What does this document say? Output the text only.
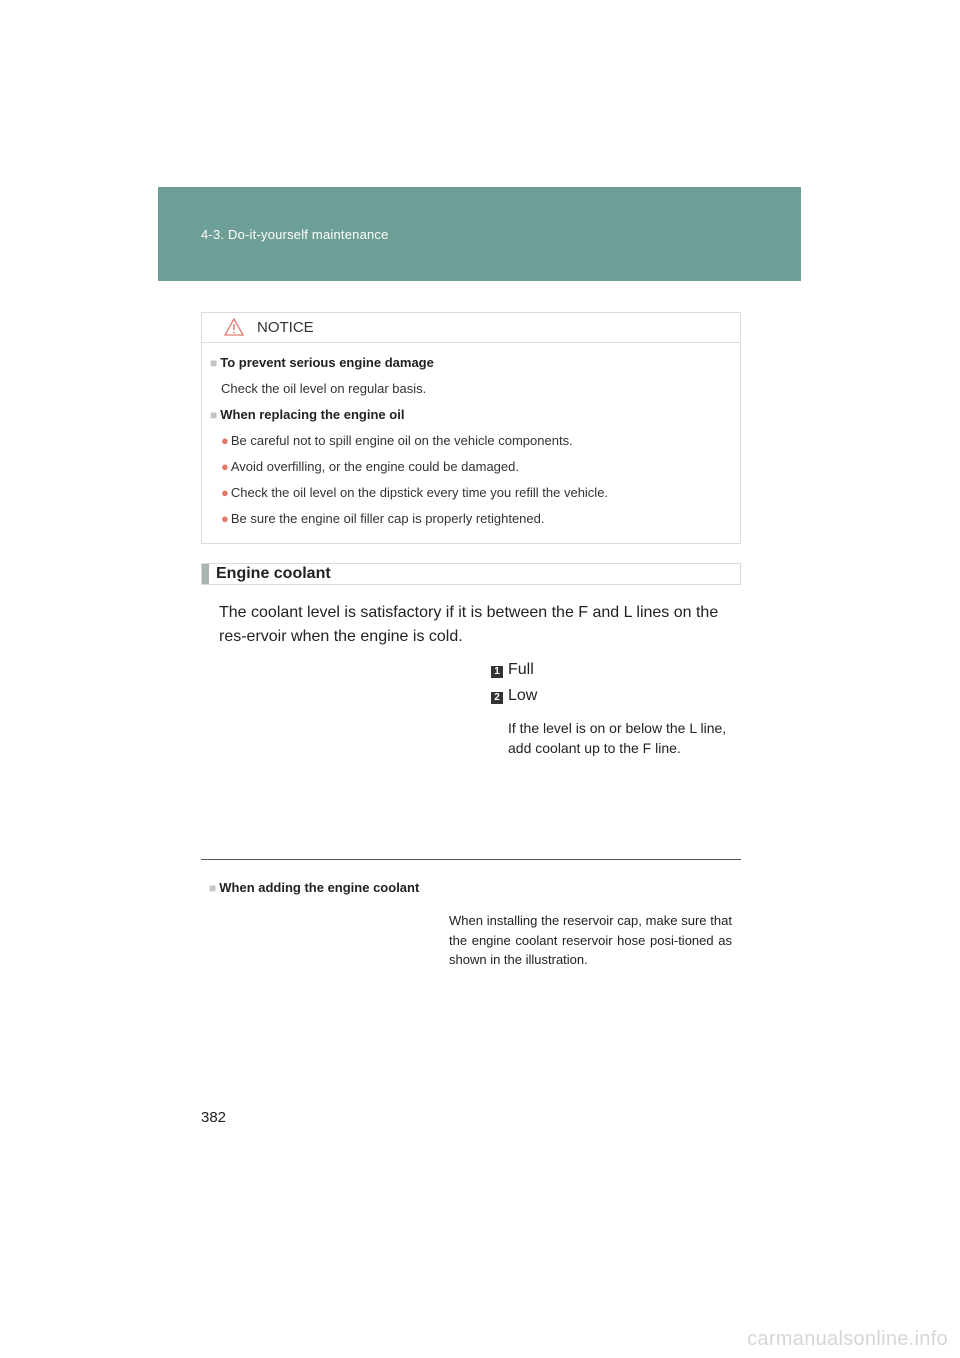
4-3. Do-it-yourself maintenance
NOTICE
■ To prevent serious engine damage
Check the oil level on regular basis.
■ When replacing the engine oil
● Be careful not to spill engine oil on the vehicle components.
● Avoid overfilling, or the engine could be damaged.
● Check the oil level on the dipstick every time you refill the vehicle.
● Be sure the engine oil filler cap is properly retightened.
Engine coolant
The coolant level is satisfactory if it is between the F and L lines on the res-ervoir when the engine is cold.
1 Full
2 Low
If the level is on or below the L line, add coolant up to the F line.
■ When adding the engine coolant
When installing the reservoir cap, make sure that the engine coolant reservoir hose posi-tioned as shown in the illustration.
382
carmanualsonline.info
